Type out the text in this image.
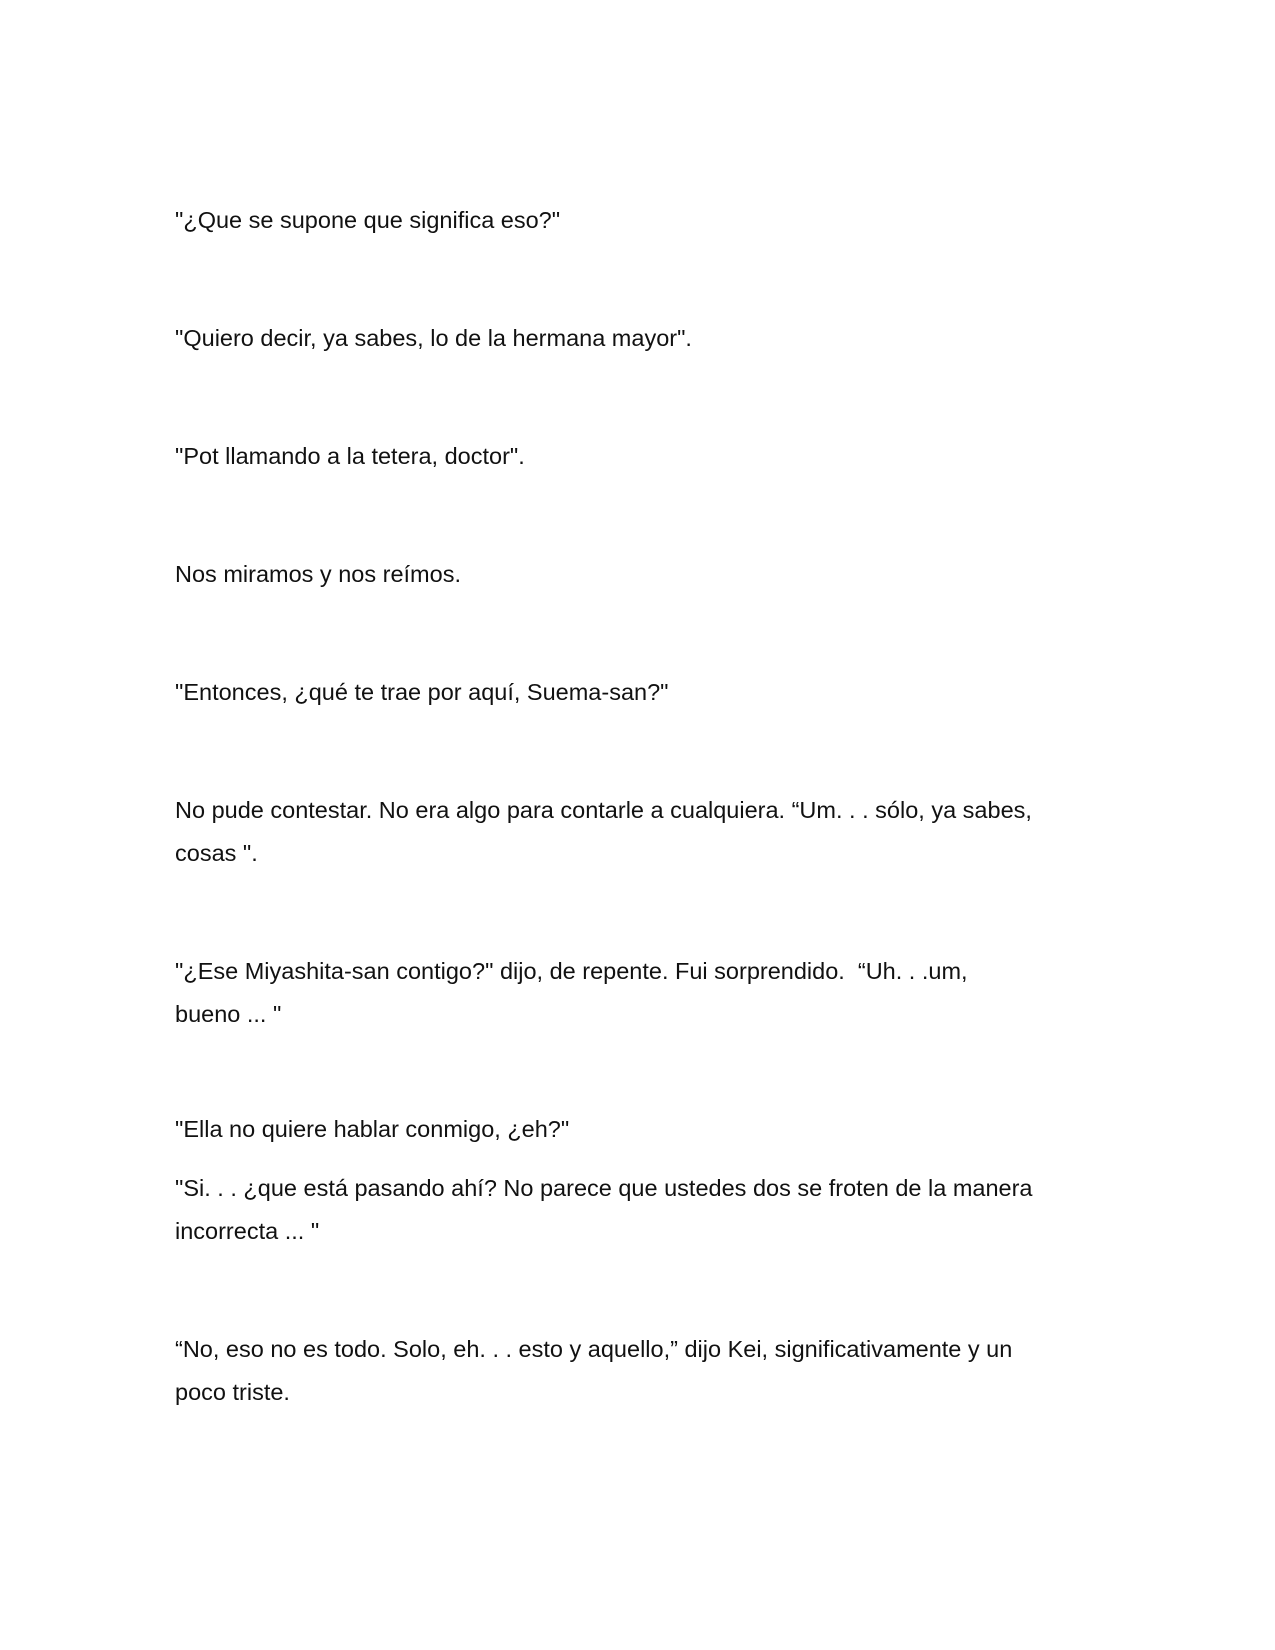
"¿Que se supone que significa eso?"

"Quiero decir, ya sabes, lo de la hermana mayor".

"Pot llamando a la tetera, doctor".

Nos miramos y nos reímos.

"Entonces, ¿qué te trae por aquí, Suema-san?"

No pude contestar. No era algo para contarle a cualquiera. “Um. . . sólo, ya sabes,
cosas ".

"¿Ese Miyashita-san contigo?" dijo, de repente. Fui sorprendido.  “Uh. . .um,
bueno ... "

"Ella no quiere hablar conmigo, ¿eh?"

"Si. . . ¿que está pasando ahí? No parece que ustedes dos se froten de la manera
incorrecta ... "

“No, eso no es todo. Solo, eh. . . esto y aquello,” dijo Kei, significativamente y un
poco triste.
